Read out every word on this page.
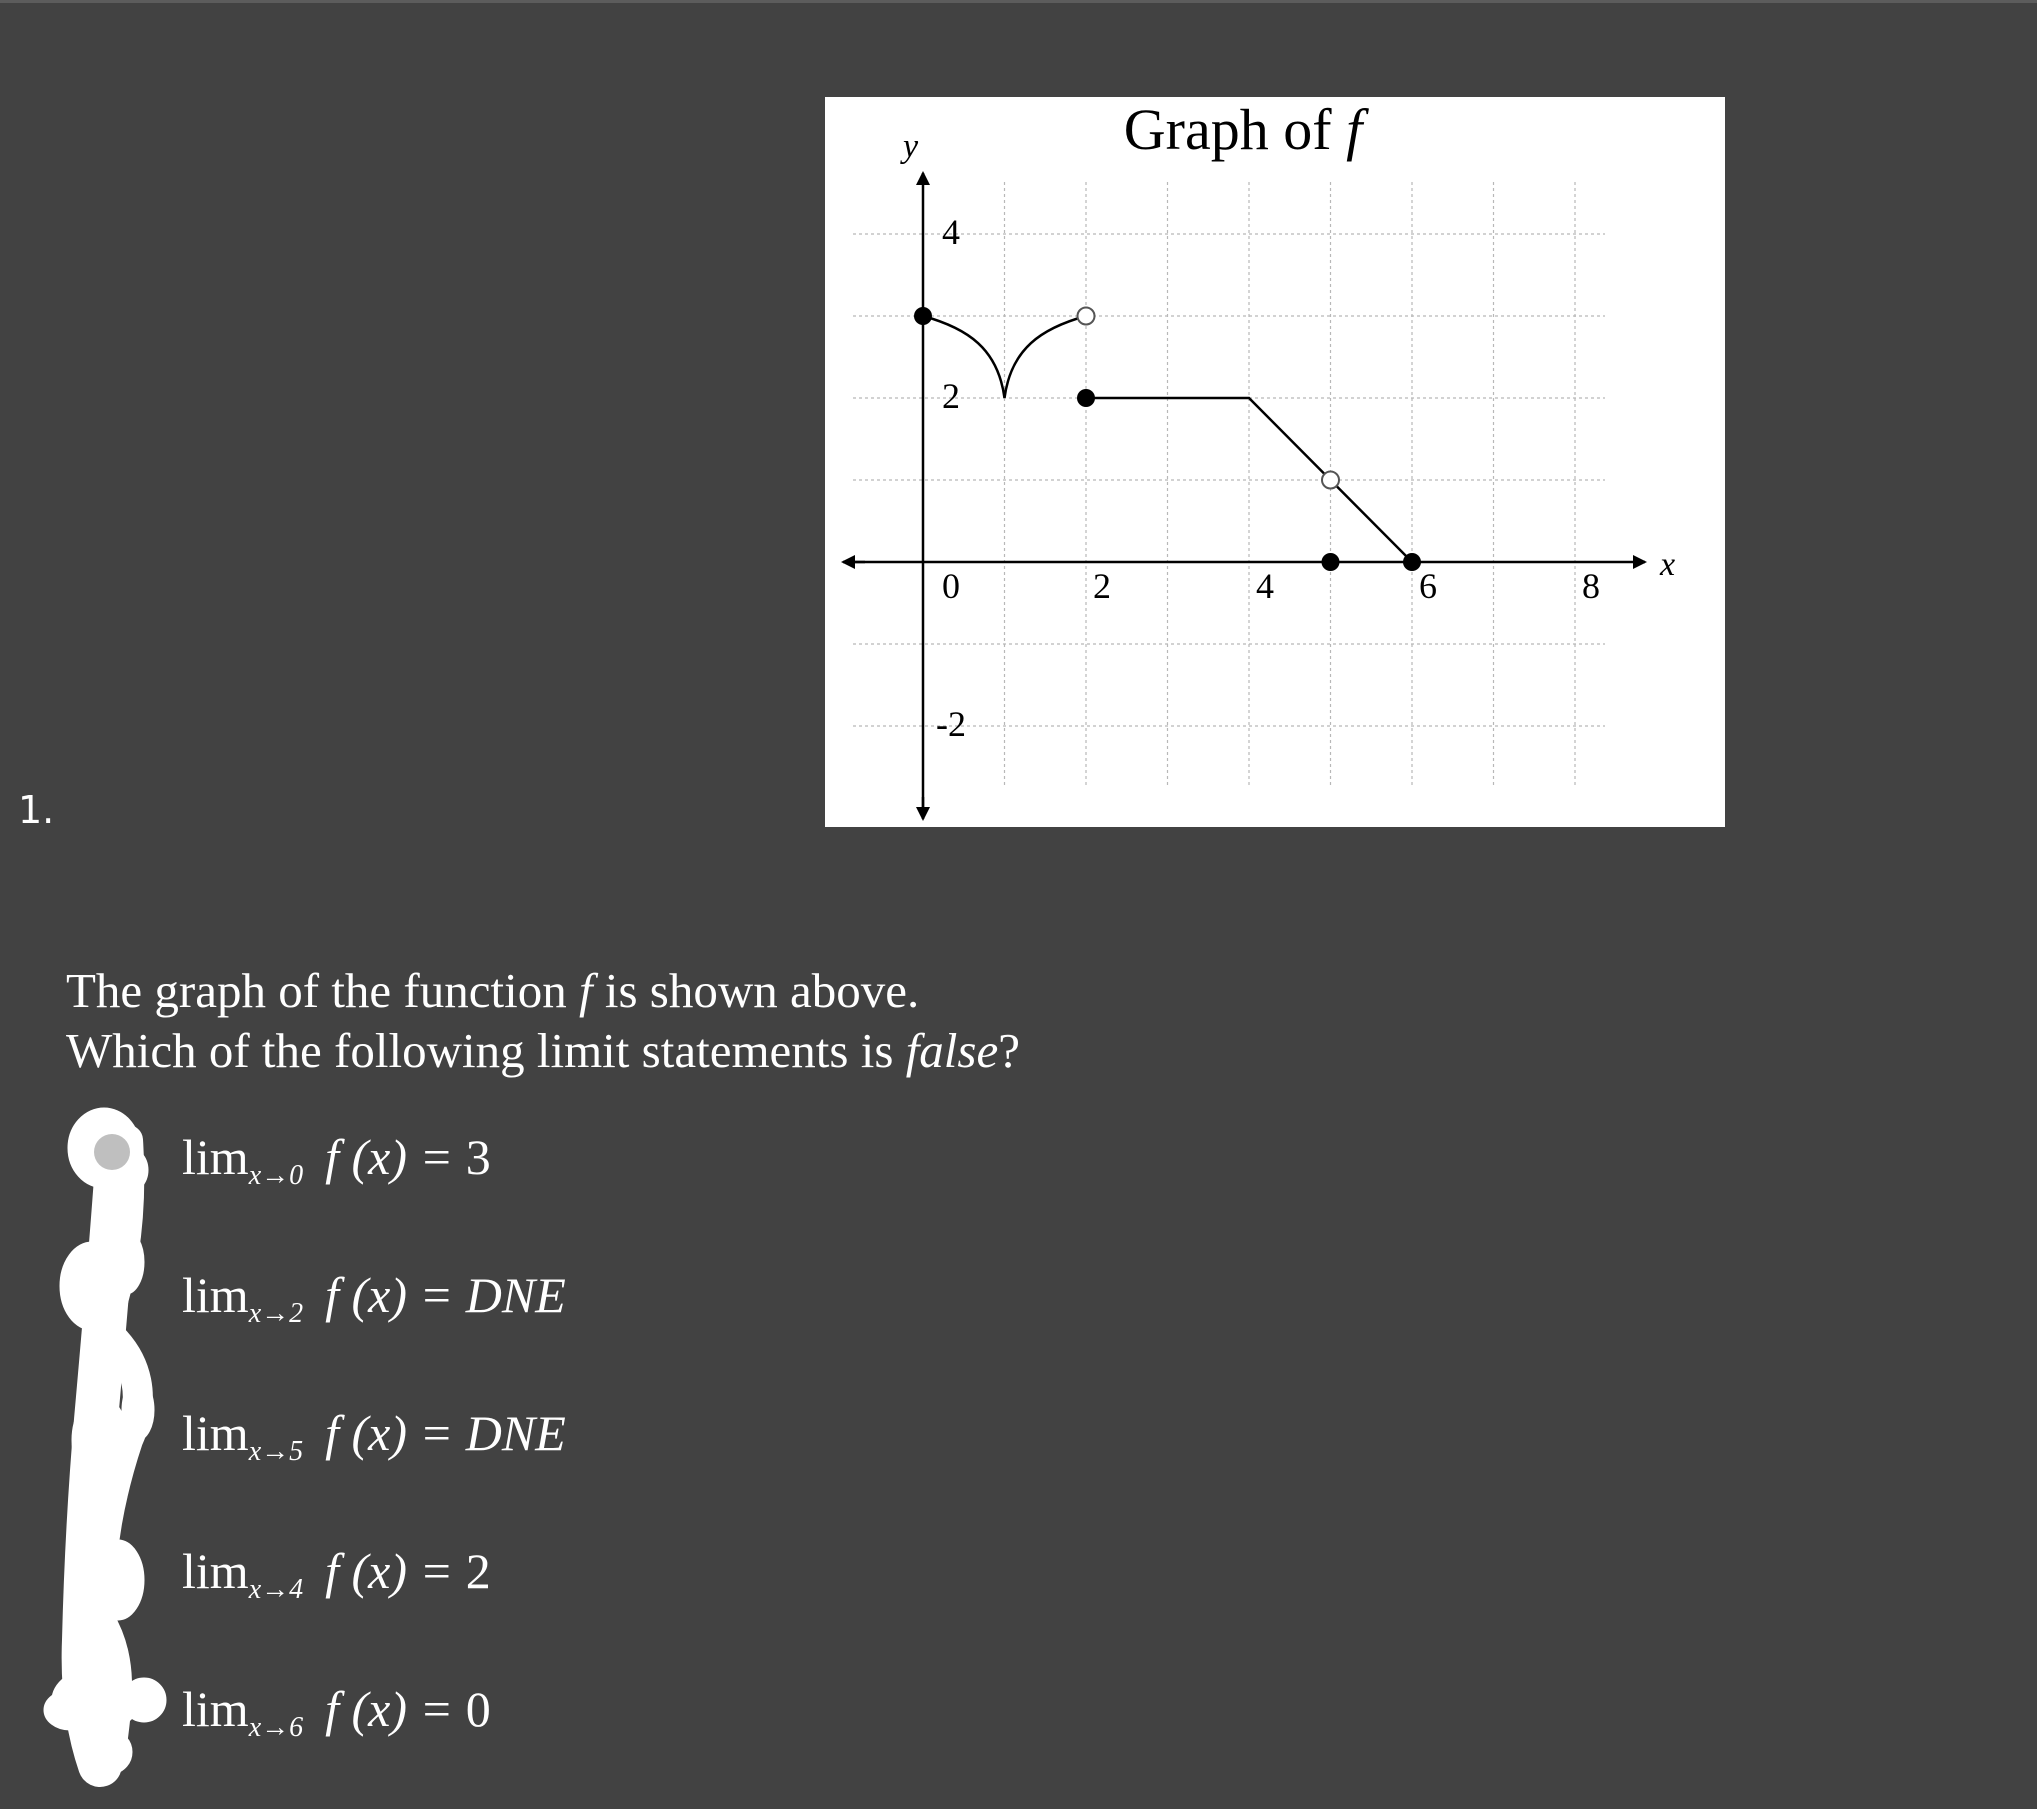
1.
x
y
0	2	4	6	8
4
2
-2
Graph of f
The graph of the function f is shown above.
Which of the following limit statements is false?
$\lim_{x\to 0} f$ (x) = 3
$\lim_{x\to 2} f$ (x) = DNE
$\lim_{x\to 5} f$ (x) = DNE
$\lim_{x\to 4} f$ (x) = 2
$\lim_{x\to 6} f$ (x) = 0
